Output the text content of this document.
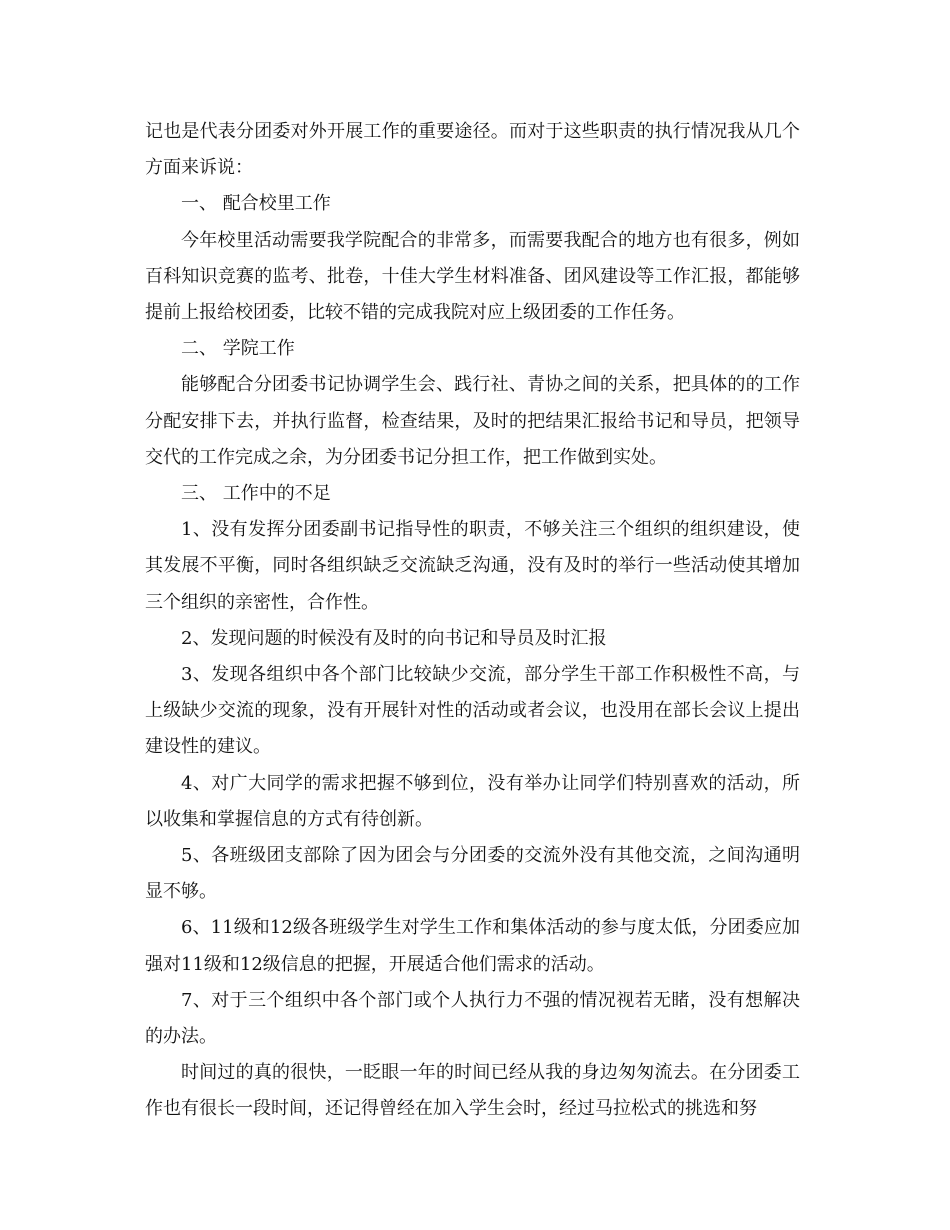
记也是代表分团委对外开展工作的重要途径。而对于这些职责的执行情况我从几个方面来诉说：

一、 配合校里工作

今年校里活动需要我学院配合的非常多，而需要我配合的地方也有很多，例如百科知识竞赛的监考、批卷，十佳大学生材料准备、团风建设等工作汇报，都能够提前上报给校团委，比较不错的完成我院对应上级团委的工作任务。

二、 学院工作

能够配合分团委书记协调学生会、践行社、青协之间的关系，把具体的的工作分配安排下去，并执行监督，检查结果，及时的把结果汇报给书记和导员，把领导交代的工作完成之余，为分团委书记分担工作，把工作做到实处。

三、 工作中的不足

1、没有发挥分团委副书记指导性的职责，不够关注三个组织的组织建设，使其发展不平衡，同时各组织缺乏交流缺乏沟通，没有及时的举行一些活动使其增加三个组织的亲密性，合作性。

2、发现问题的时候没有及时的向书记和导员及时汇报

3、发现各组织中各个部门比较缺少交流，部分学生干部工作积极性不高，与上级缺少交流的现象，没有开展针对性的活动或者会议，也没用在部长会议上提出建设性的建议。

4、对广大同学的需求把握不够到位，没有举办让同学们特别喜欢的活动，所以收集和掌握信息的方式有待创新。

5、各班级团支部除了因为团会与分团委的交流外没有其他交流，之间沟通明显不够。

6、11级和12级各班级学生对学生工作和集体活动的参与度太低，分团委应加强对11级和12级信息的把握，开展适合他们需求的活动。

7、对于三个组织中各个部门或个人执行力不强的情况视若无睹，没有想解决的办法。

时间过的真的很快，一眨眼一年的时间已经从我的身边匆匆流去。在分团委工作也有很长一段时间，还记得曾经在加入学生会时，经过马拉松式的挑选和努
